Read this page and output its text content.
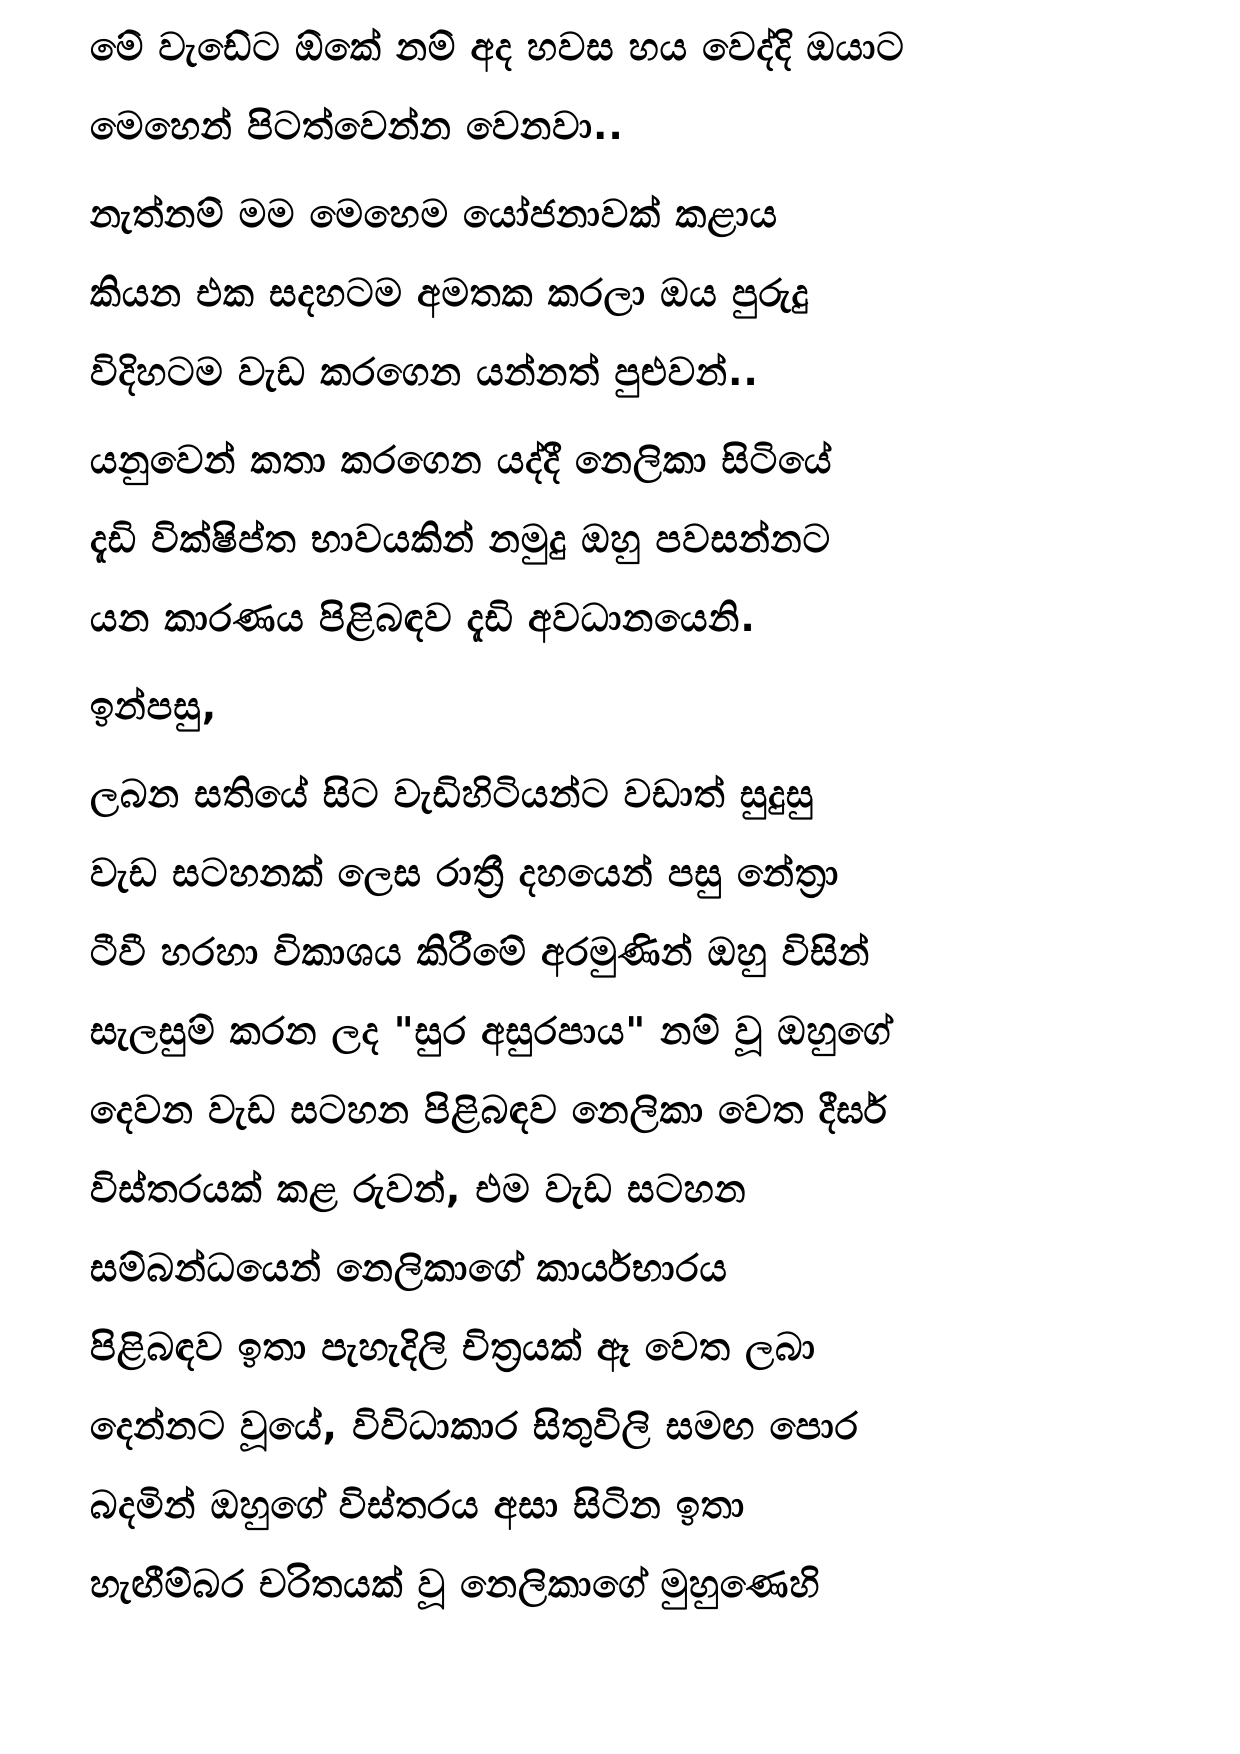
මේ වැඩේට ඕකේ නම් අද හවස හය වෙද්දි ඔයාට
මෙහෙන් පිටත්වෙන්න වෙනවා..
නැත්නම් මම මෙහෙම යෝජනාවක් කළාය
කියන එක සදහටම අමතක කරලා ඔය පුරුදු
විදිහටම වැඩ කරගෙන යන්නත් පුළුවන්..
යනුවෙන් කතා කරගෙන යද්දී නෙලිකා සිටියේ
දැඩි වික්ෂිප්ත භාවයකින් නමුදු ඔහු පවසන්නට
යන කාරණය පිළිබඳව දැඩි අවධානයෙනි.
ඉන්පසු,
ලබන සතියේ සිට වැඩිහිටියන්ට වඩාත් සුදුසු
වැඩ සටහනක් ලෙස රාත්‍රී දහයෙන් පසු නේත්‍රා
ටීවී හරහා විකාශය කිරීමේ අරමුණින් ඔහු විසින්
සැලසුම් කරන ලද "සුර අසුරපාය" නම් වූ ඔහුගේ
දෙවන වැඩ සටහන පිළිබඳව නෙලිකා වෙත දීර්ඝ
විස්තරයක් කළ රුවන්, එම වැඩ සටහන
සම්බන්ධයෙන් නෙලිකාගේ කාර්යභාරය
පිළිබඳව ඉතා පැහැදිලි චිත්‍රයක් ඈ වෙත ලබා
දෙන්නට වූයේ, විවිධාකාර සිතුවිලි සමඟ පොර
බදමින් ඔහුගේ විස්තරය අසා සිටින ඉතා
හැඟීම්බර චරිතයක් වූ නෙලිකාගේ මුහුණෙහි
